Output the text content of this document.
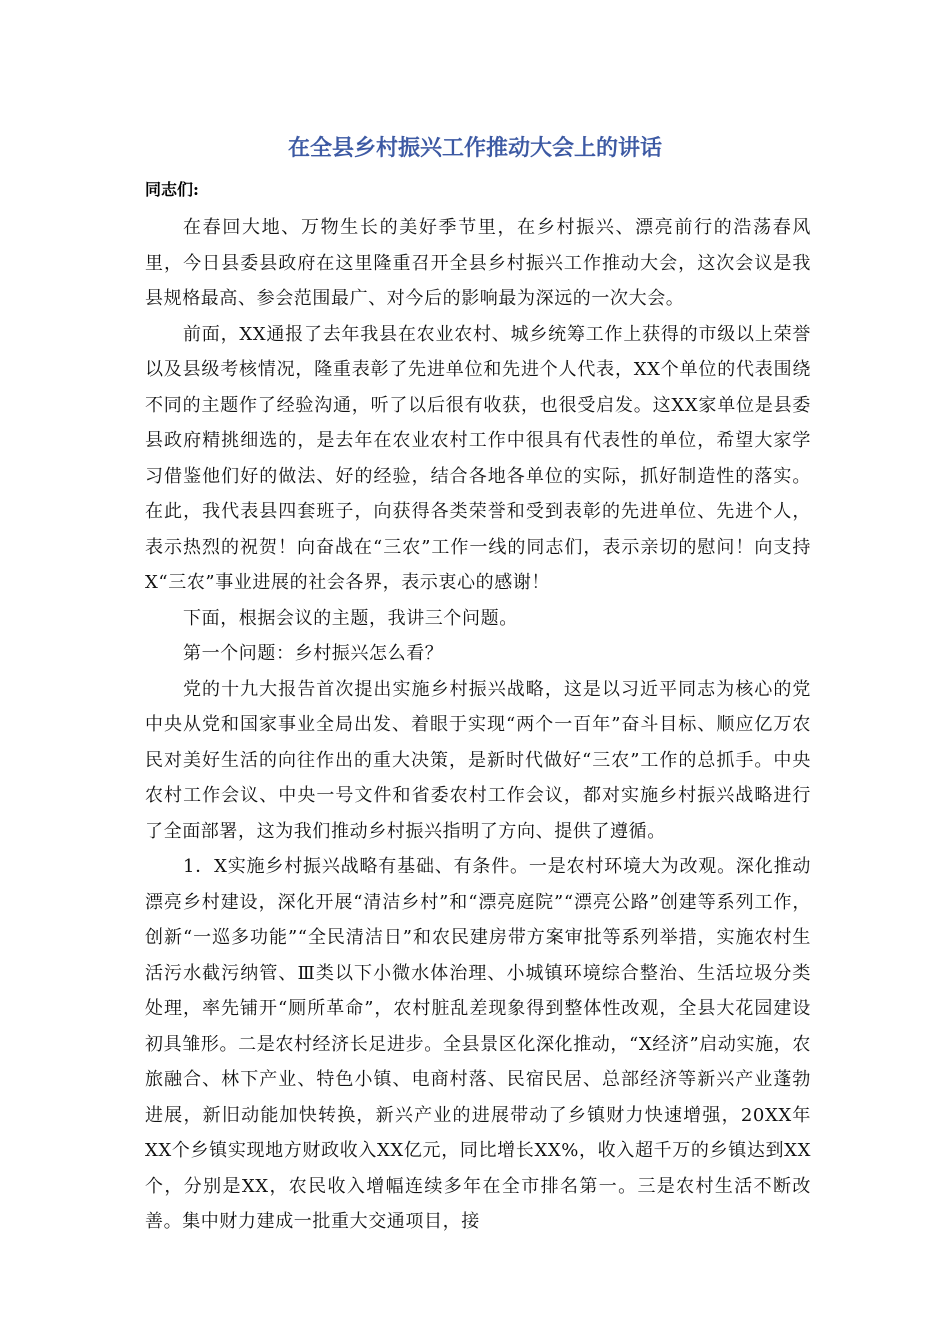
在全县乡村振兴工作推动大会上的讲话
同志们:

在春回大地、万物生长的美好季节里，在乡村振兴、漂亮前行的浩荡春风里，今日县委县政府在这里隆重召开全县乡村振兴工作推动大会，这次会议是我县规格最高、参会范围最广、对今后的影响最为深远的一次大会。

前面，XX通报了去年我县在农业农村、城乡统筹工作上获得的市级以上荣誉以及县级考核情况，隆重表彰了先进单位和先进个人代表，XX个单位的代表围绕不同的主题作了经验沟通，听了以后很有收获，也很受启发。这XX家单位是县委县政府精挑细选的，是去年在农业农村工作中很具有代表性的单位，希望大家学习借鉴他们好的做法、好的经验，结合各地各单位的实际，抓好制造性的落实。在此，我代表县四套班子，向获得各类荣誉和受到表彰的先进单位、先进个人，表示热烈的祝贺！向奋战在“三农”工作一线的同志们，表示亲切的慰问！向支持X“三农”事业进展的社会各界，表示衷心的感谢！

下面，根据会议的主题，我讲三个问题。

第一个问题：乡村振兴怎么看？

党的十九大报告首次提出实施乡村振兴战略，这是以习近平同志为核心的党中央从党和国家事业全局出发、着眼于实现“两个一百年”奋斗目标、顺应亿万农民对美好生活的向往作出的重大决策，是新时代做好“三农”工作的总抓手。中央农村工作会议、中央一号文件和省委农村工作会议，都对实施乡村振兴战略进行了全面部署，这为我们推动乡村振兴指明了方向、提供了遵循。

1．X实施乡村振兴战略有基础、有条件。一是农村环境大为改观。深化推动漂亮乡村建设，深化开展“清洁乡村”和“漂亮庭院”“漂亮公路”创建等系列工作，创新“一巡多功能”“全民清洁日”和农民建房带方案审批等系列举措，实施农村生活污水截污纳管、Ⅲ类以下小微水体治理、小城镇环境综合整治、生活垃圾分类处理，率先铺开“厕所革命”，农村脏乱差现象得到整体性改观，全县大花园建设初具雏形。二是农村经济长足进步。全县景区化深化推动，“X经济”启动实施，农旅融合、林下产业、特色小镇、电商村落、民宿民居、总部经济等新兴产业蓬勃进展，新旧动能加快转换，新兴产业的进展带动了乡镇财力快速增强，20XX年XX个乡镇实现地方财政收入XX亿元，同比增长XX%，收入超千万的乡镇达到XX个，分别是XX，农民收入增幅连续多年在全市排名第一。三是农村生活不断改善。集中财力建成一批重大交通项目，接
